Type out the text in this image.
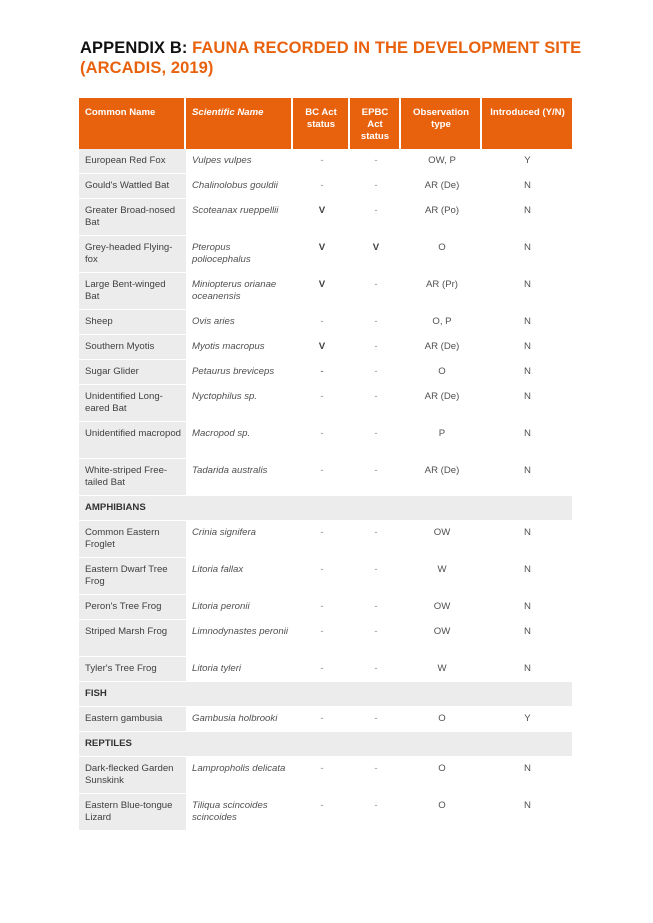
APPENDIX B: FAUNA RECORDED IN THE DEVELOPMENT SITE (ARCADIS, 2019)
Common Name	Scientific Name	BC Act status	EPBC Act status	Observation type	Introduced (Y/N)
European Red Fox	Vulpes vulpes	-	-	OW, P	Y
Gould's Wattled Bat	Chalinolobus gouldii	-	-	AR (De)	N
Greater Broad-nosed Bat	Scoteanax rueppellii	V	-	AR (Po)	N
Grey-headed Flying-fox	Pteropus poliocephalus	V	V	O	N
Large Bent-winged Bat	Miniopterus orianae oceanensis	V	-	AR (Pr)	N
Sheep	Ovis aries	-	-	O, P	N
Southern Myotis	Myotis macropus	V	-	AR (De)	N
Sugar Glider	Petaurus breviceps	-	-	O	N
Unidentified Long-eared Bat	Nyctophilus sp.	-	-	AR (De)	N
Unidentified macropod	Macropod sp.	-	-	P	N
White-striped Free-tailed Bat	Tadarida australis	-	-	AR (De)	N
AMPHIBIANS					
Common Eastern Froglet	Crinia signifera	-	-	OW	N
Eastern Dwarf Tree Frog	Litoria fallax	-	-	W	N
Peron's Tree Frog	Litoria peronii	-	-	OW	N
Striped Marsh Frog	Limnodynastes peronii	-	-	OW	N
Tyler's Tree Frog	Litoria tyleri	-	-	W	N
FISH					
Eastern gambusia	Gambusia holbrooki	-	-	O	Y
REPTILES					
Dark-flecked Garden Sunskink	Lampropholis delicata	-	-	O	N
Eastern Blue-tongue Lizard	Tiliqua scincoides scincoides	-	-	O	N
